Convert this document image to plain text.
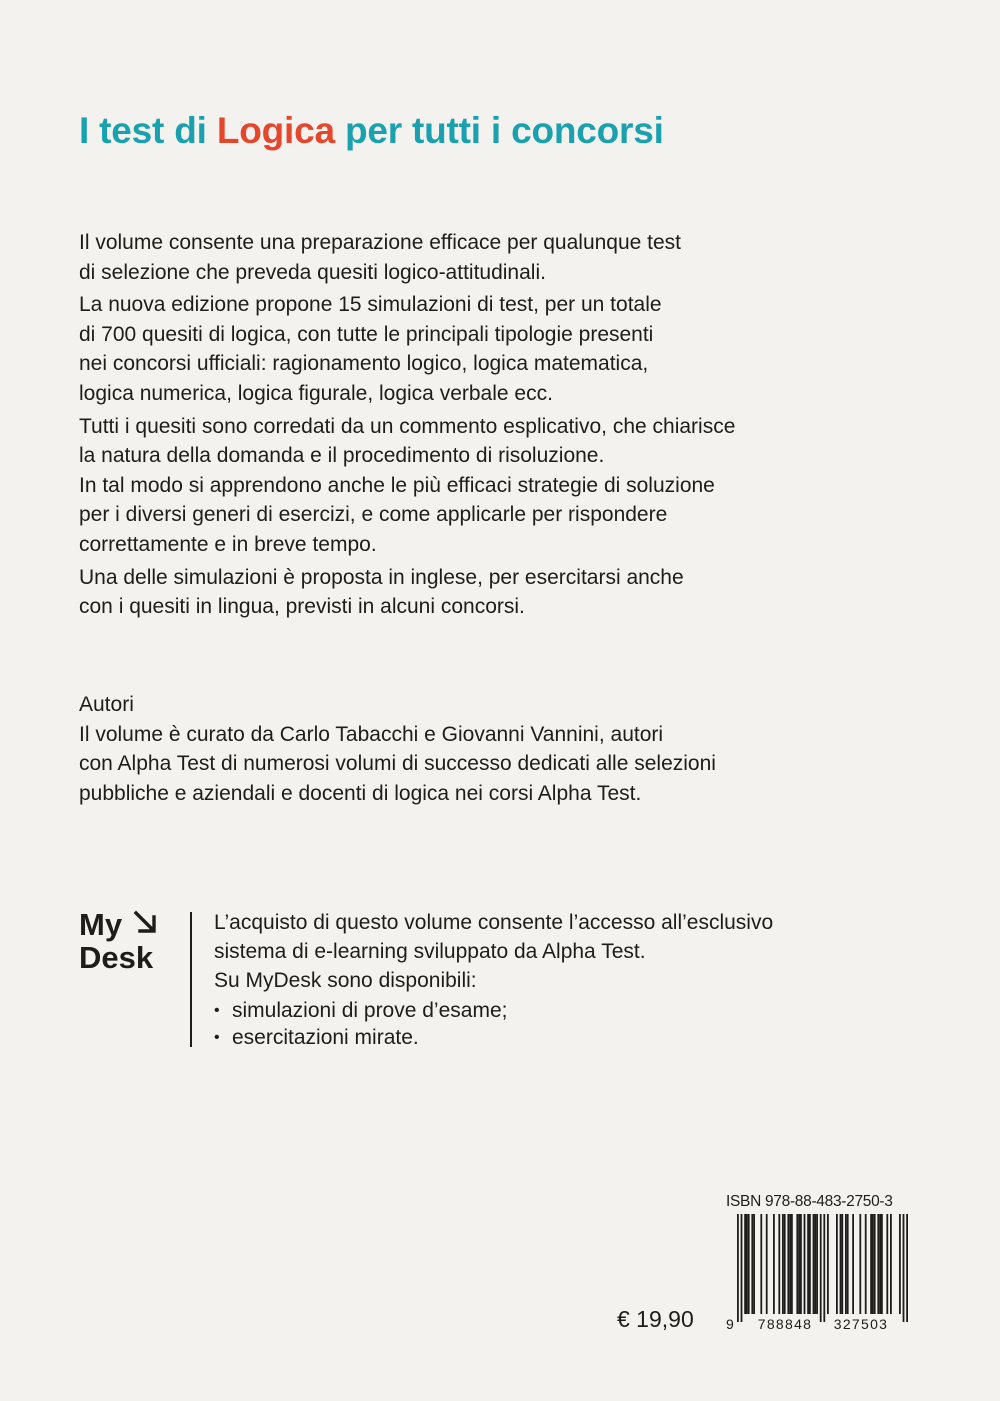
I test di Logica per tutti i concorsi

Il volume consente una preparazione efficace per qualunque test
di selezione che preveda quesiti logico-attitudinali.

La nuova edizione propone 15 simulazioni di test, per un totale
di 700 quesiti di logica, con tutte le principali tipologie presenti
nei concorsi ufficiali: ragionamento logico, logica matematica,
logica numerica, logica figurale, logica verbale ecc.

Tutti i quesiti sono corredati da un commento esplicativo, che chiarisce
la natura della domanda e il procedimento di risoluzione.
In tal modo si apprendono anche le più efficaci strategie di soluzione
per i diversi generi di esercizi, e come applicarle per rispondere
correttamente e in breve tempo.

Una delle simulazioni è proposta in inglese, per esercitarsi anche
con i quesiti in lingua, previsti in alcuni concorsi.

Autori

Il volume è curato da Carlo Tabacchi e Giovanni Vannini, autori
con Alpha Test di numerosi volumi di successo dedicati alle selezioni
pubbliche e aziendali e docenti di logica nei corsi Alpha Test.

My
Desk

L’acquisto di questo volume consente l’accesso all’esclusivo
sistema di e-learning sviluppato da Alpha Test.
Su MyDesk sono disponibili:

• simulazioni di prove d’esame;
• esercitazioni mirate.
ISBN 978-88-483-2750-3
9 788848 327503
€ 19,90
